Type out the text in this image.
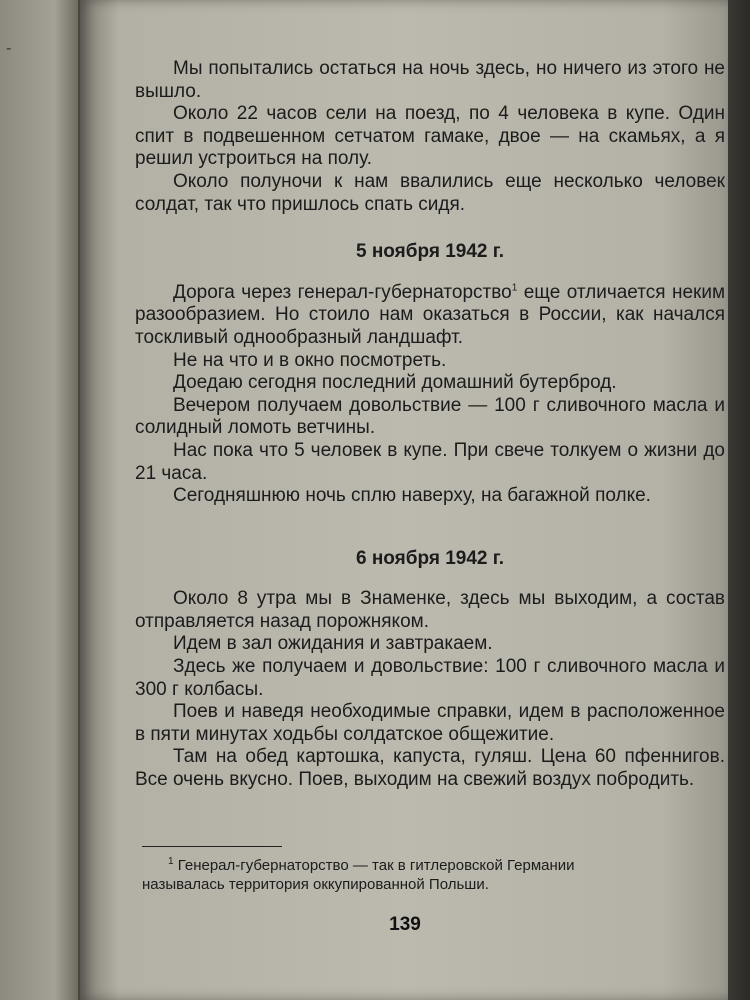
-

Мы попытались остаться на ночь здесь, но ничего из этого не вышло.

Около 22 часов сели на поезд, по 4 человека в купе. Один спит в подвешенном сетчатом гамаке, двое — на скамьях, а я решил устроиться на полу.

Около полуночи к нам ввалились еще несколько человек солдат, так что пришлось спать сидя.

5 ноября 1942 г.

Дорога через генерал-губернаторство$^1$ еще отличается неким разообразием. Но стоило нам оказаться в России, как начался тоскливый однообразный ландшафт.

Не на что и в окно посмотреть.

Доедаю сегодня последний домашний бутерброд.

Вечером получаем довольствие — 100 г сливочного масла и солидный ломоть ветчины.

Нас пока что 5 человек в купе. При свече толкуем о жизни до 21 часа.

Сегодняшнюю ночь сплю наверху, на багажной полке.

6 ноября 1942 г.

Около 8 утра мы в Знаменке, здесь мы выходим, а состав отправляется назад порожняком.

Идем в зал ожидания и завтракаем.

Здесь же получаем и довольствие: 100 г сливочного масла и 300 г колбасы.

Поев и наведя необходимые справки, идем в расположенное в пяти минутах ходьбы солдатское общежитие.

Там на обед картошка, капуста, гуляш. Цена 60 пфеннигов. Все очень вкусно. Поев, выходим на свежий воздух побродить.

$^1$ Генерал-губернаторство — так в гитлеровской Германии
называлась территория оккупированной Польши.
139
